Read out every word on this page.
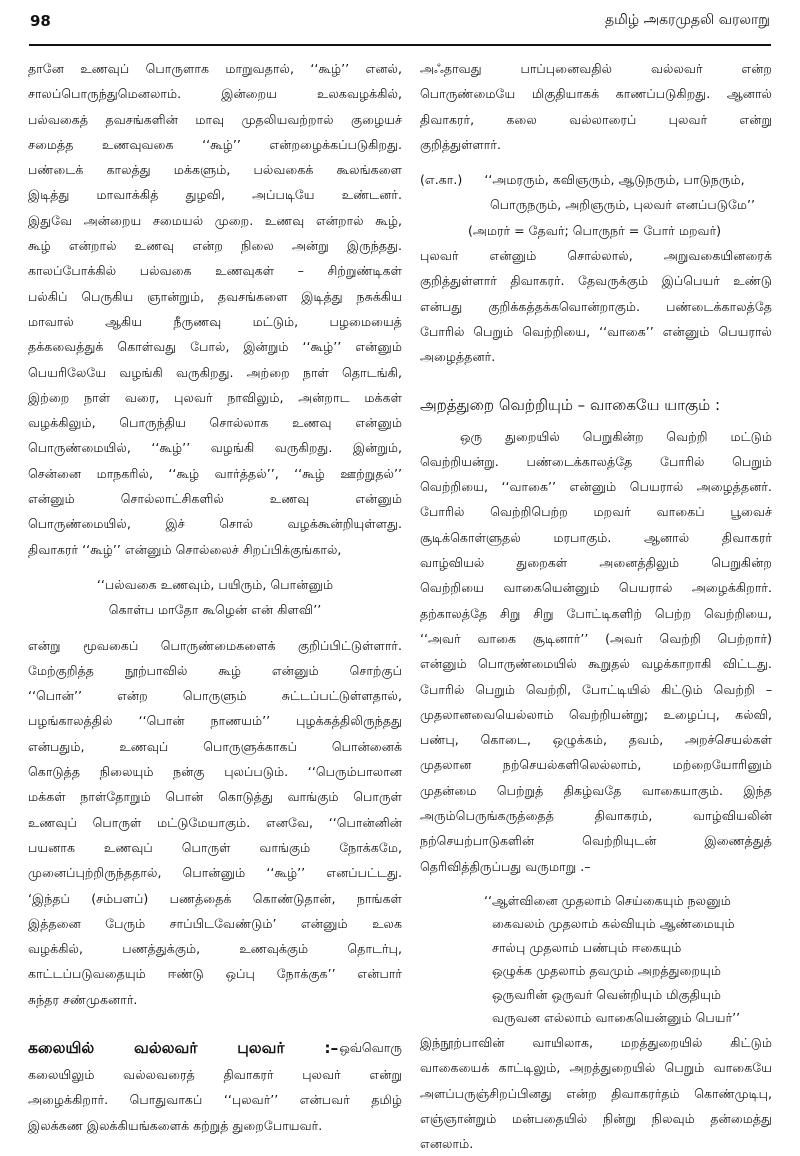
98	தமிழ் அகரமுதலி வரலாறு
தானே உணவுப் பொருளாக மாறுவதால், ‘‘கூழ்’’ எனல்,
சாலப்பொருந்துமெனலாம். இன்றைய உலகவழக்கில்,
பல்வகைத் தவசங்களின் மாவு முதலியவற்றால் குழையச்
சமைத்த உணவுவகை ‘‘கூழ்’’ என்றழைக்கப்படுகிறது.
பண்டைக் காலத்து மக்களும், பல்வகைக் கூலங்களை
இடித்து மாவாக்கித் துழவி, அப்படியே உண்டனர்.
இதுவே அன்றைய சமையல் முறை. உணவு என்றால் கூழ்,
கூழ் என்றால் உணவு என்ற நிலை அன்று இருந்தது.
காலப்போக்கில் பல்வகை உணவுகள் – சிற்றுண்டிகள்
பல்கிப் பெருகிய ஞான்றும், தவசங்களை இடித்து நசுக்கிய
மாவால் ஆகிய நீருணவு மட்டும், பழமையைத்
தக்கவைத்துக் கொள்வது போல், இன்றும் ‘‘கூழ்’’ என்னும்
பெயரிலேயே வழங்கி வருகிறது. அற்றை நாள் தொடங்கி,
இற்றை நாள் வரை, புலவர் நாவிலும், அன்றாட மக்கள்
வழக்கிலும், பொருந்திய சொல்லாக உணவு என்னும்
பொருண்மையில், ‘‘கூழ்’’ வழங்கி வருகிறது. இன்றும்,
சென்னை மாநகரில், ‘‘கூழ் வார்த்தல்’’, ‘‘கூழ் ஊற்றுதல்’’
என்னும் சொல்லாட்சிகளில் உணவு என்னும்
பொருண்மையில், இச் சொல் வழக்கூன்றியுள்ளது.
திவாகரர் ‘‘கூழ்’’ என்னும் சொல்லைச் சிறப்பிக்குங்கால்,
‘‘பல்வகை உணவும், பயிரும், பொன்னும்
கொள்ப மாதோ கூழென் என் கிளவி’’
என்று மூவகைப் பொருண்மைகளைக் குறிப்பிட்டுள்ளார்.
மேற்குறித்த நூற்பாவில் கூழ் என்னும் சொற்குப்
‘‘பொன்’’ என்ற பொருளும் சுட்டப்பட்டுள்ளதால்,
பழங்காலத்தில் ‘‘பொன் நாணயம்’’ புழக்கத்திலிருந்தது
என்பதும், உணவுப் பொருளுக்காகப் பொன்னைக்
கொடுத்த நிலையும் நன்கு புலப்படும். ‘‘பெரும்பாலான
மக்கள் நாள்தோறும் பொன் கொடுத்து வாங்கும் பொருள்
உணவுப் பொருள் மட்டுமேயாகும். எனவே, ‘‘பொன்னின்
பயனாக உணவுப் பொருள் வாங்கும் நோக்கமே,
முனைப்புற்றிருந்ததால், பொன்னும் ‘‘கூழ்’’ எனப்பட்டது.
‘இந்தப் (சம்பளப்) பணத்தைக் கொண்டுதான், நாங்கள்
இத்தனை பேரும் சாப்பிடவேண்டும்’ என்னும் உலக
வழக்கில், பணத்துக்கும், உணவுக்கும் தொடர்பு,
காட்டப்படுவதையும் ஈண்டு ஒப்பு நோக்குக’’ என்பார்
சுந்தர சண்முகனார்.
கலையில் வல்லவர் புலவர் :– ஒவ்வொரு
கலையிலும் வல்லவரைத் திவாகரர் புலவர் என்று
அழைக்கிறார். பொதுவாகப் ‘‘புலவர்’’ என்பவர் தமிழ்
இலக்கண இலக்கியங்களைக் கற்றுத் துறைபோயவர்.
அஃதாவது பாப்புனைவதில் வல்லவர் என்ற
பொருண்மையே மிகுதியாகக் காணப்படுகிறது. ஆனால்
திவாகரர், கலை வல்லாரைப் புலவர் என்று
குறித்துள்ளார்.
(எ.கா.) ‘‘அமரரும், கவிஞரும், ஆடுநரும், பாடுநரும்,
பொருநரும், அறிஞரும், புலவர் எனப்படுமே’’
(அமரர் = தேவர்; பொருநர் = போர் மறவர்)
புலவர் என்னும் சொல்லால், அறுவகையினரைக்
குறித்துள்ளார் திவாகரர். தேவருக்கும் இப்பெயர் உண்டு
என்பது குறிக்கத்தக்கவொன்றாகும். பண்டைக்காலத்தே
போரில் பெறும் வெற்றியை, ‘‘வாகை’’ என்னும் பெயரால்
அழைத்தனர்.
அறத்துறை வெற்றியும் – வாகையே யாகும் :
ஒரு துறையில் பெறுகின்ற வெற்றி மட்டும்
வெற்றியன்று. பண்டைக்காலத்தே போரில் பெறும்
வெற்றியை, ‘‘வாகை’’ என்னும் பெயரால் அழைத்தனர்.
போரில் வெற்றிபெற்ற மறவர் வாகைப் பூவைச்
சூடிக்கொள்ளுதல் மரபாகும். ஆனால் திவாகரர்
வாழ்வியல் துறைகள் அனைத்திலும் பெறுகின்ற
வெற்றியை வாகையென்னும் பெயரால் அழைக்கிறார்.
தற்காலத்தே சிறு சிறு போட்டிகளிற் பெற்ற வெற்றியை,
‘‘அவர் வாகை சூடினார்’’ (அவர் வெற்றி பெற்றார்)
என்னும் பொருண்மையில் கூறுதல் வழக்காறாகி விட்டது.
போரில் பெறும் வெற்றி, போட்டியில் கிட்டும் வெற்றி –
முதலானவையெல்லாம் வெற்றியன்று; உழைப்பு, கல்வி,
பண்பு, கொடை, ஒழுக்கம், தவம், அறச்செயல்கள்
முதலான நற்செயல்களிலெல்லாம், மற்றையோரினும்
முதன்மை பெற்றுத் திகழ்வதே வாகையாகும். இந்த
அரும்பெருங்கருத்தைத் திவாகரம், வாழ்வியலின்
நற்செயற்பாடுகளின் வெற்றியுடன் இணைத்துத்
தெரிவித்திருப்பது வருமாறு .–
‘‘ஆள்வினை முதலாம் செய்கையும் நலனும்
கைவலம் முதலாம் கல்வியும் ஆண்மையும்
சால்பு முதலாம் பண்பும் ஈகையும்
ஒழுக்க முதலாம் தவமும் அறத்துறையும்
ஒருவரின் ஒருவர் வென்றியும் மிகுதியும்
வருவன எல்லாம் வாகையென்னும் பெயர்’’
இந்நூற்பாவின் வாயிலாக, மறத்துறையில் கிட்டும்
வாகையைக் காட்டிலும், அறத்துறையில் பெறும் வாகையே
அளப்பருஞ்சிறப்பினது என்ற திவாகரர்தம் கொண்முடிபு,
எஞ்ஞான்றும் மன்பதையில் நின்று நிலவும் தன்மைத்து
எனலாம்.
